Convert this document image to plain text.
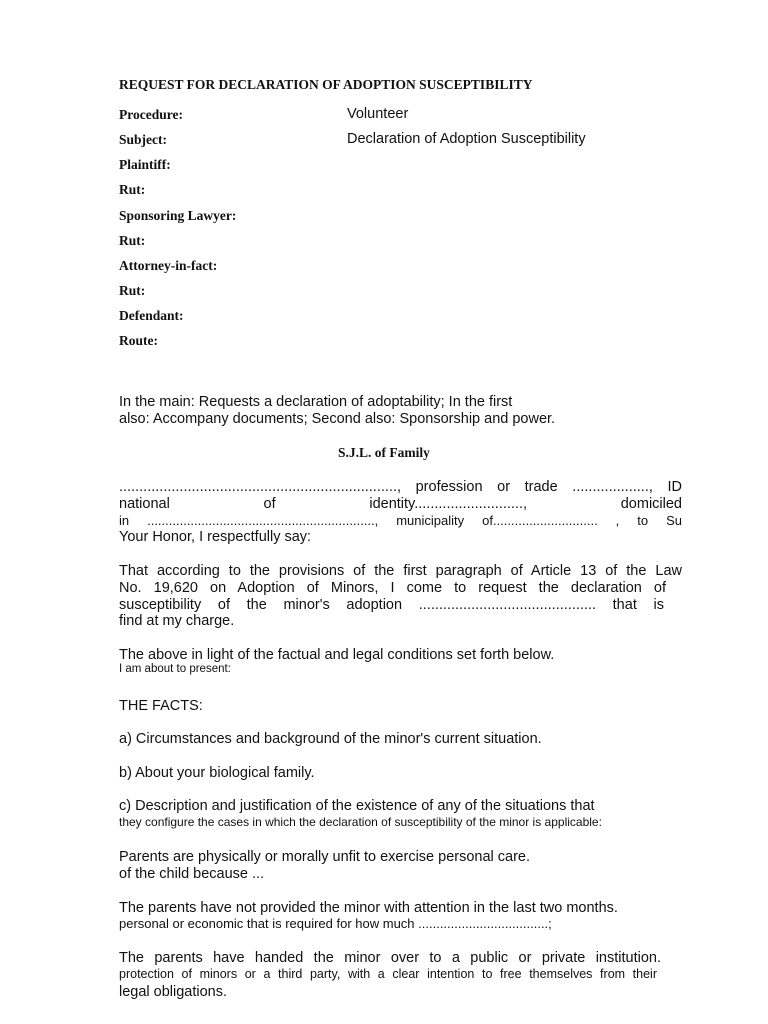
REQUEST FOR DECLARATION OF ADOPTION SUSCEPTIBILITY
Procedure:	Volunteer
Subject:	Declaration of Adoption Susceptibility
Plaintiff:
Rut:
Sponsoring Lawyer:
Rut:
Attorney-in-fact:
Rut:
Defendant:
Route:
In the main: Requests a declaration of adoptability; In the first
also: Accompany documents; Second also: Sponsorship and power.
S.J.L. of Family
....................................................................., profession or trade ..................., ID
national of identity..........................., domiciled
in ..............................................................., municipality of............................. , to Su
Your Honor, I respectfully say:
That according to the provisions of the first paragraph of Article 13 of the Law
No. 19,620 on Adoption of Minors, I come to request the declaration of
susceptibility of the minor's adoption ............................................ that is
find at my charge.
The above in light of the factual and legal conditions set forth below.
I am about to present:
THE FACTS:
a) Circumstances and background of the minor's current situation.
b) About your biological family.
c) Description and justification of the existence of any of the situations that
they configure the cases in which the declaration of susceptibility of the minor is applicable:
Parents are physically or morally unfit to exercise personal care.
of the child because ...
The parents have not provided the minor with attention in the last two months.
personal or economic that is required for how much ....................................;
The parents have handed the minor over to a public or private institution.
protection of minors or a third party, with a clear intention to free themselves from their
legal obligations.
